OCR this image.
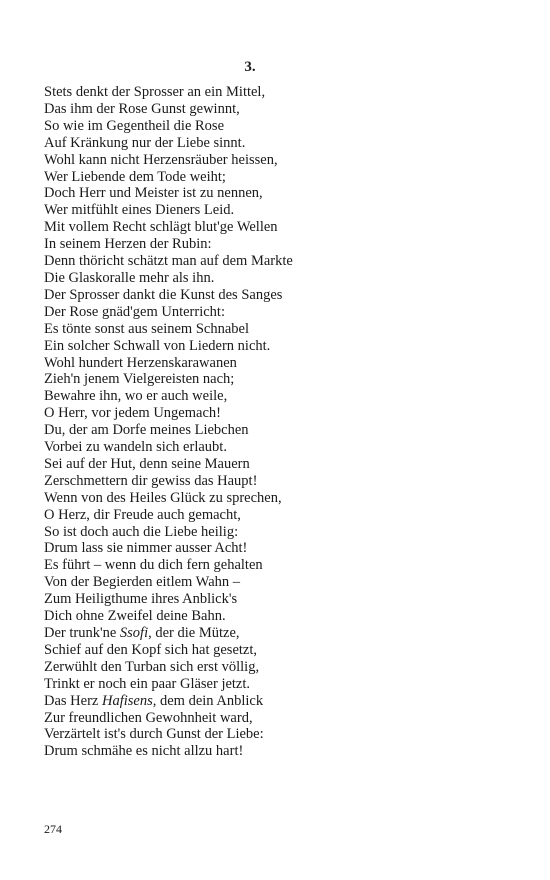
3.
Stets denkt der Sprosser an ein Mittel,
Das ihm der Rose Gunst gewinnt,
So wie im Gegentheil die Rose
Auf Kränkung nur der Liebe sinnt.
Wohl kann nicht Herzensräuber heissen,
Wer Liebende dem Tode weiht;
Doch Herr und Meister ist zu nennen,
Wer mitfühlt eines Dieners Leid.
Mit vollem Recht schlägt blut'ge Wellen
In seinem Herzen der Rubin:
Denn thöricht schätzt man auf dem Markte
Die Glaskoralle mehr als ihn.
Der Sprosser dankt die Kunst des Sanges
Der Rose gnäd'gem Unterricht:
Es tönte sonst aus seinem Schnabel
Ein solcher Schwall von Liedern nicht.
Wohl hundert Herzenskarawanen
Zieh'n jenem Vielgereisten nach;
Bewahre ihn, wo er auch weile,
O Herr, vor jedem Ungemach!
Du, der am Dorfe meines Liebchen
Vorbei zu wandeln sich erlaubt.
Sei auf der Hut, denn seine Mauern
Zerschmettern dir gewiss das Haupt!
Wenn von des Heiles Glück zu sprechen,
O Herz, dir Freude auch gemacht,
So ist doch auch die Liebe heilig:
Drum lass sie nimmer ausser Acht!
Es führt – wenn du dich fern gehalten
Von der Begierden eitlem Wahn –
Zum Heiligthume ihres Anblick's
Dich ohne Zweifel deine Bahn.
Der trunk'ne Ssofi, der die Mütze,
Schief auf den Kopf sich hat gesetzt,
Zerwühlt den Turban sich erst völlig,
Trinkt er noch ein paar Gläser jetzt.
Das Herz Hafisens, dem dein Anblick
Zur freundlichen Gewohnheit ward,
Verzärtelt ist's durch Gunst der Liebe:
Drum schmähe es nicht allzu hart!
274
